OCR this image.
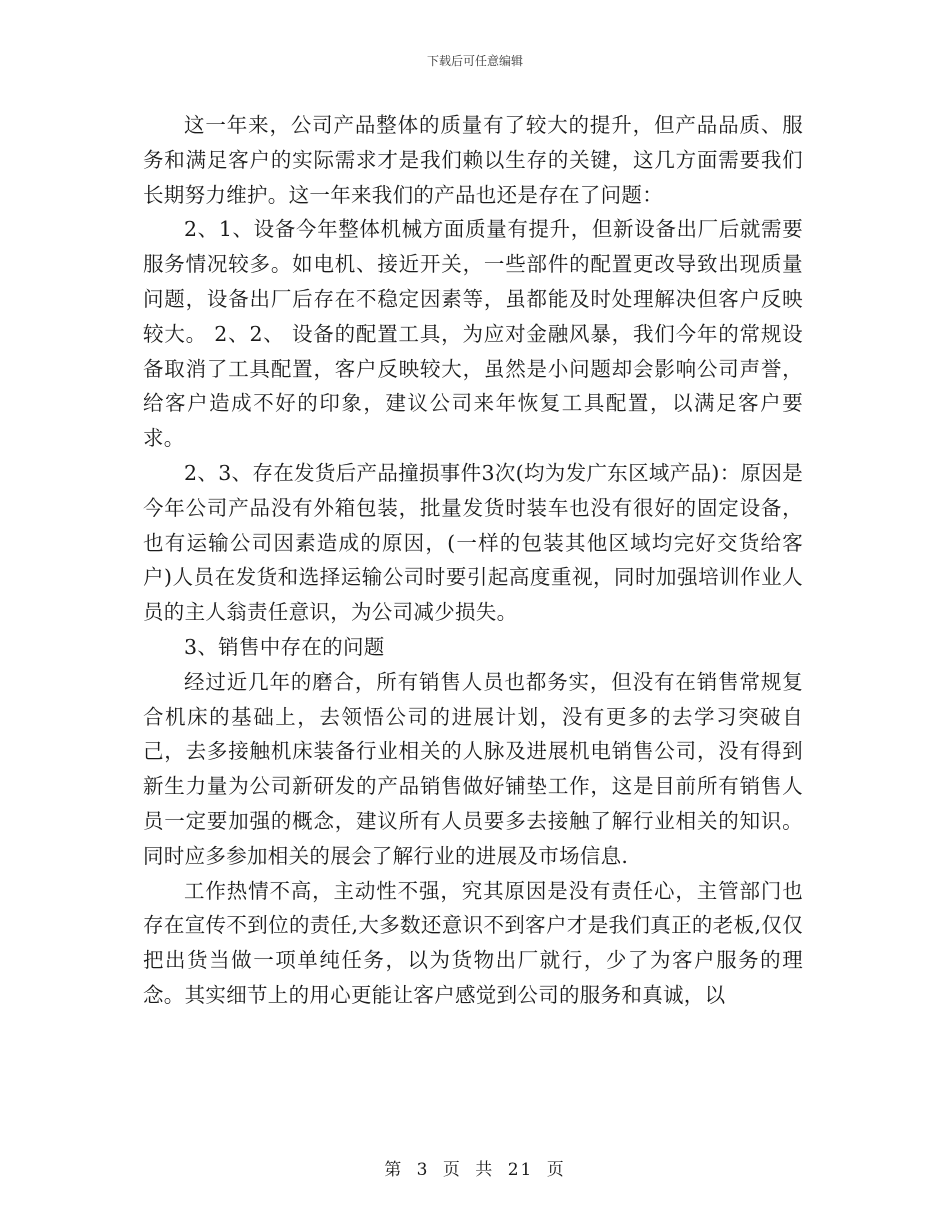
下载后可任意编辑

这一年来，公司产品整体的质量有了较大的提升，但产品品质、服务和满足客户的实际需求才是我们赖以生存的关键，这几方面需要我们长期努力维护。这一年来我们的产品也还是存在了问题：

2、1、设备今年整体机械方面质量有提升，但新设备出厂后就需要服务情况较多。如电机、接近开关，一些部件的配置更改导致出现质量问题，设备出厂后存在不稳定因素等，虽都能及时处理解决但客户反映较大。 2、2、 设备的配置工具，为应对金融风暴，我们今年的常规设备取消了工具配置，客户反映较大，虽然是小问题却会影响公司声誉，给客户造成不好的印象，建议公司来年恢复工具配置，以满足客户要求。

2、3、存在发货后产品撞损事件3次(均为发广东区域产品)：原因是今年公司产品没有外箱包装，批量发货时装车也没有很好的固定设备，也有运输公司因素造成的原因，(一样的包装其他区域均完好交货给客户)人员在发货和选择运输公司时要引起高度重视，同时加强培训作业人员的主人翁责任意识，为公司减少损失。

3、销售中存在的问题

经过近几年的磨合，所有销售人员也都务实，但没有在销售常规复合机床的基础上，去领悟公司的进展计划，没有更多的去学习突破自己，去多接触机床装备行业相关的人脉及进展机电销售公司，没有得到新生力量为公司新研发的产品销售做好铺垫工作，这是目前所有销售人员一定要加强的概念，建议所有人员要多去接触了解行业相关的知识。同时应多参加相关的展会了解行业的进展及市场信息.

工作热情不高，主动性不强，究其原因是没有责任心，主管部门也存在宣传不到位的责任,大多数还意识不到客户才是我们真正的老板,仅仅把出货当做一项单纯任务，以为货物出厂就行，少了为客户服务的理念。其实细节上的用心更能让客户感觉到公司的服务和真诚，以

第 3 页 共 21 页
